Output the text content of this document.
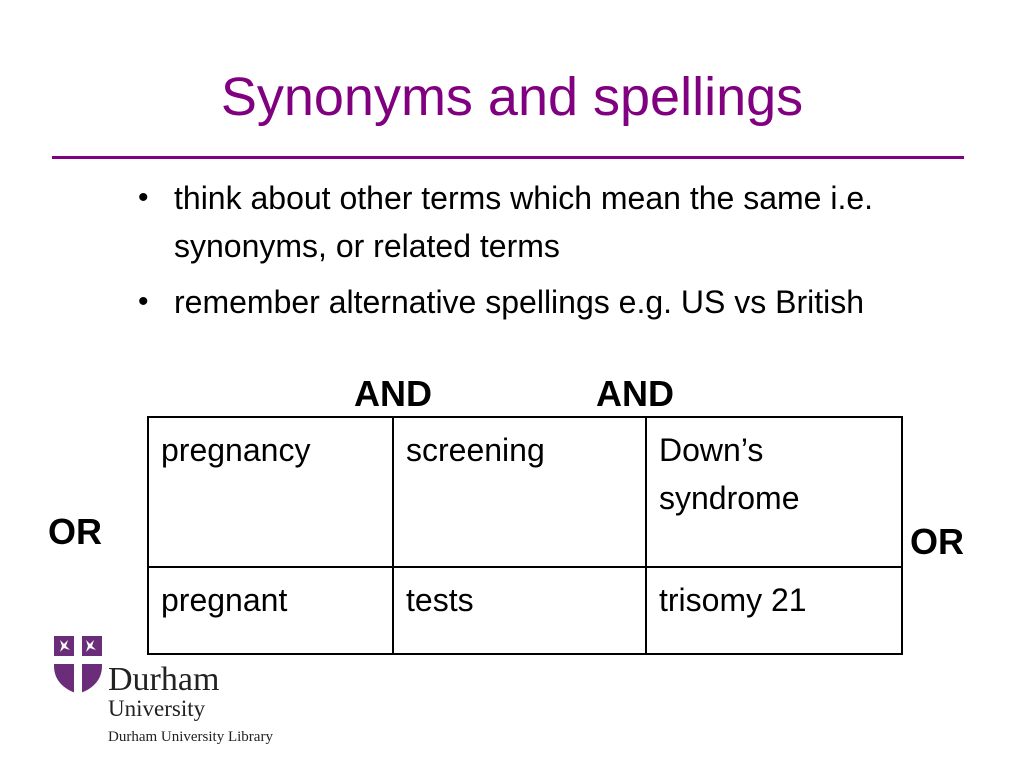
Synonyms and spellings
• think about other terms which mean the same i.e. synonyms, or related terms
• remember alternative spellings e.g. US vs British
AND	AND
OR	OR
pregnancy	screening	Down’s syndrome
pregnant	tests	trisomy 21
Durham
University
Durham University Library
